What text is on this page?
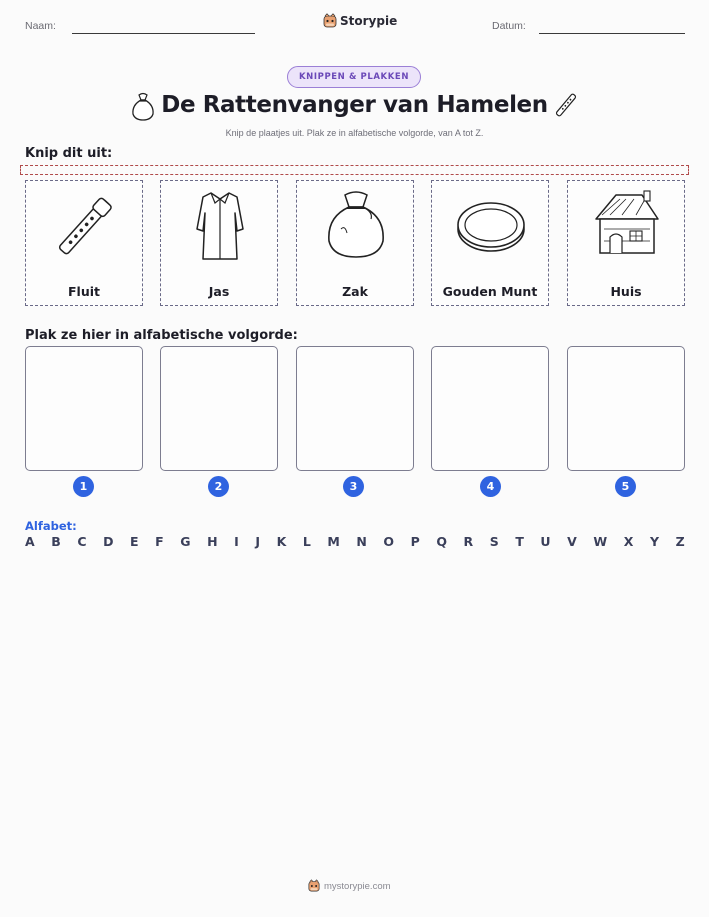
Naam:	Storypie	Datum:
KNIPPEN & PLAKKEN
De Rattenvanger van Hamelen
Knip de plaatjes uit. Plak ze in alfabetische volgorde, van A tot Z.
Knip dit uit:
Fluit	Jas	Zak	Gouden Munt	Huis
Plak ze hier in alfabetische volgorde:
1	2	3	4	5
Alfabet:
A B C D E F G H I J K L M N O P Q R S T U V W X Y Z
mystorypie.com
